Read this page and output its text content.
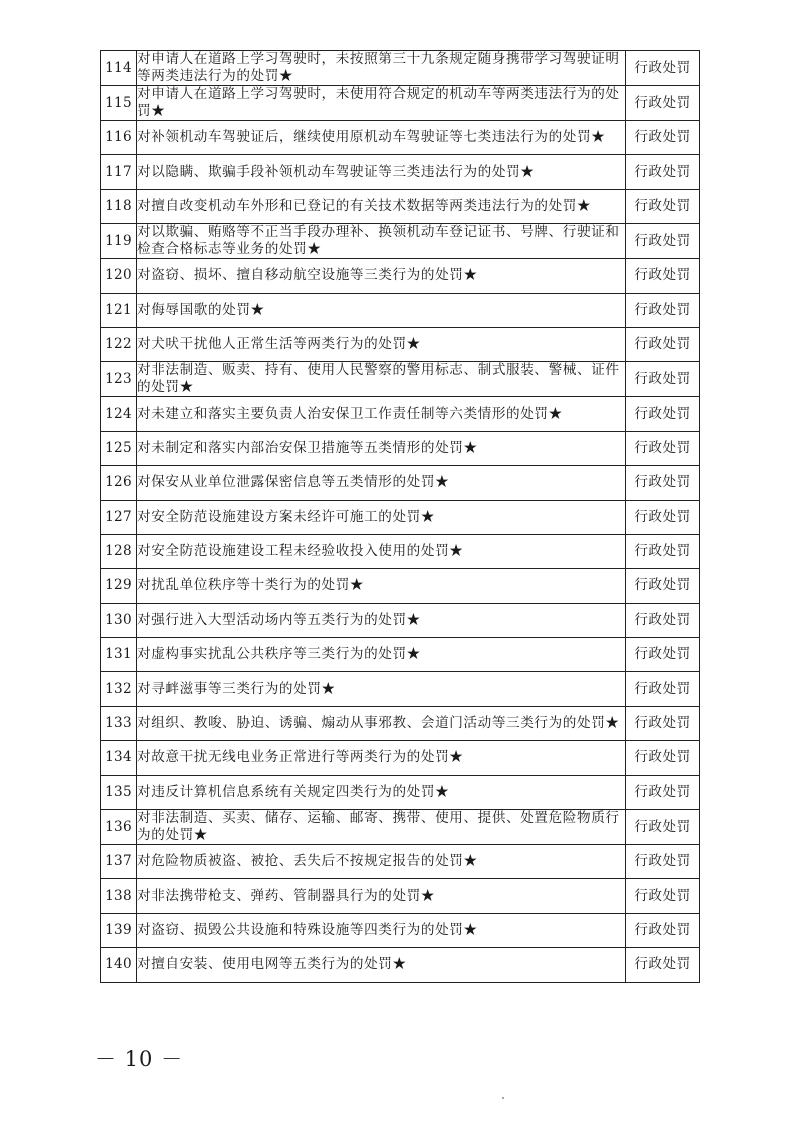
114	对申请人在道路上学习驾驶时，未按照第三十九条规定随身携带学习驾驶证明等两类违法行为的处罚★	行政处罚
115	对申请人在道路上学习驾驶时，未使用符合规定的机动车等两类违法行为的处罚★	行政处罚
116	对补领机动车驾驶证后，继续使用原机动车驾驶证等七类违法行为的处罚★	行政处罚
117	对以隐瞒、欺骗手段补领机动车驾驶证等三类违法行为的处罚★	行政处罚
118	对擅自改变机动车外形和已登记的有关技术数据等两类违法行为的处罚★	行政处罚
119	对以欺骗、贿赂等不正当手段办理补、换领机动车登记证书、号牌、行驶证和检查合格标志等业务的处罚★	行政处罚
120	对盗窃、损坏、擅自移动航空设施等三类行为的处罚★	行政处罚
121	对侮辱国歌的处罚★	行政处罚
122	对犬吠干扰他人正常生活等两类行为的处罚★	行政处罚
123	对非法制造、贩卖、持有、使用人民警察的警用标志、制式服装、警械、证件的处罚★	行政处罚
124	对未建立和落实主要负责人治安保卫工作责任制等六类情形的处罚★	行政处罚
125	对未制定和落实内部治安保卫措施等五类情形的处罚★	行政处罚
126	对保安从业单位泄露保密信息等五类情形的处罚★	行政处罚
127	对安全防范设施建设方案未经许可施工的处罚★	行政处罚
128	对安全防范设施建设工程未经验收投入使用的处罚★	行政处罚
129	对扰乱单位秩序等十类行为的处罚★	行政处罚
130	对强行进入大型活动场内等五类行为的处罚★	行政处罚
131	对虚构事实扰乱公共秩序等三类行为的处罚★	行政处罚
132	对寻衅滋事等三类行为的处罚★	行政处罚
133	对组织、教唆、胁迫、诱骗、煽动从事邪教、会道门活动等三类行为的处罚★	行政处罚
134	对故意干扰无线电业务正常进行等两类行为的处罚★	行政处罚
135	对违反计算机信息系统有关规定四类行为的处罚★	行政处罚
136	对非法制造、买卖、储存、运输、邮寄、携带、使用、提供、处置危险物质行为的处罚★	行政处罚
137	对危险物质被盗、被抢、丢失后不按规定报告的处罚★	行政处罚
138	对非法携带枪支、弹药、管制器具行为的处罚★	行政处罚
139	对盗窃、损毁公共设施和特殊设施等四类行为的处罚★	行政处罚
140	对擅自安装、使用电网等五类行为的处罚★	行政处罚
－ 10 －
